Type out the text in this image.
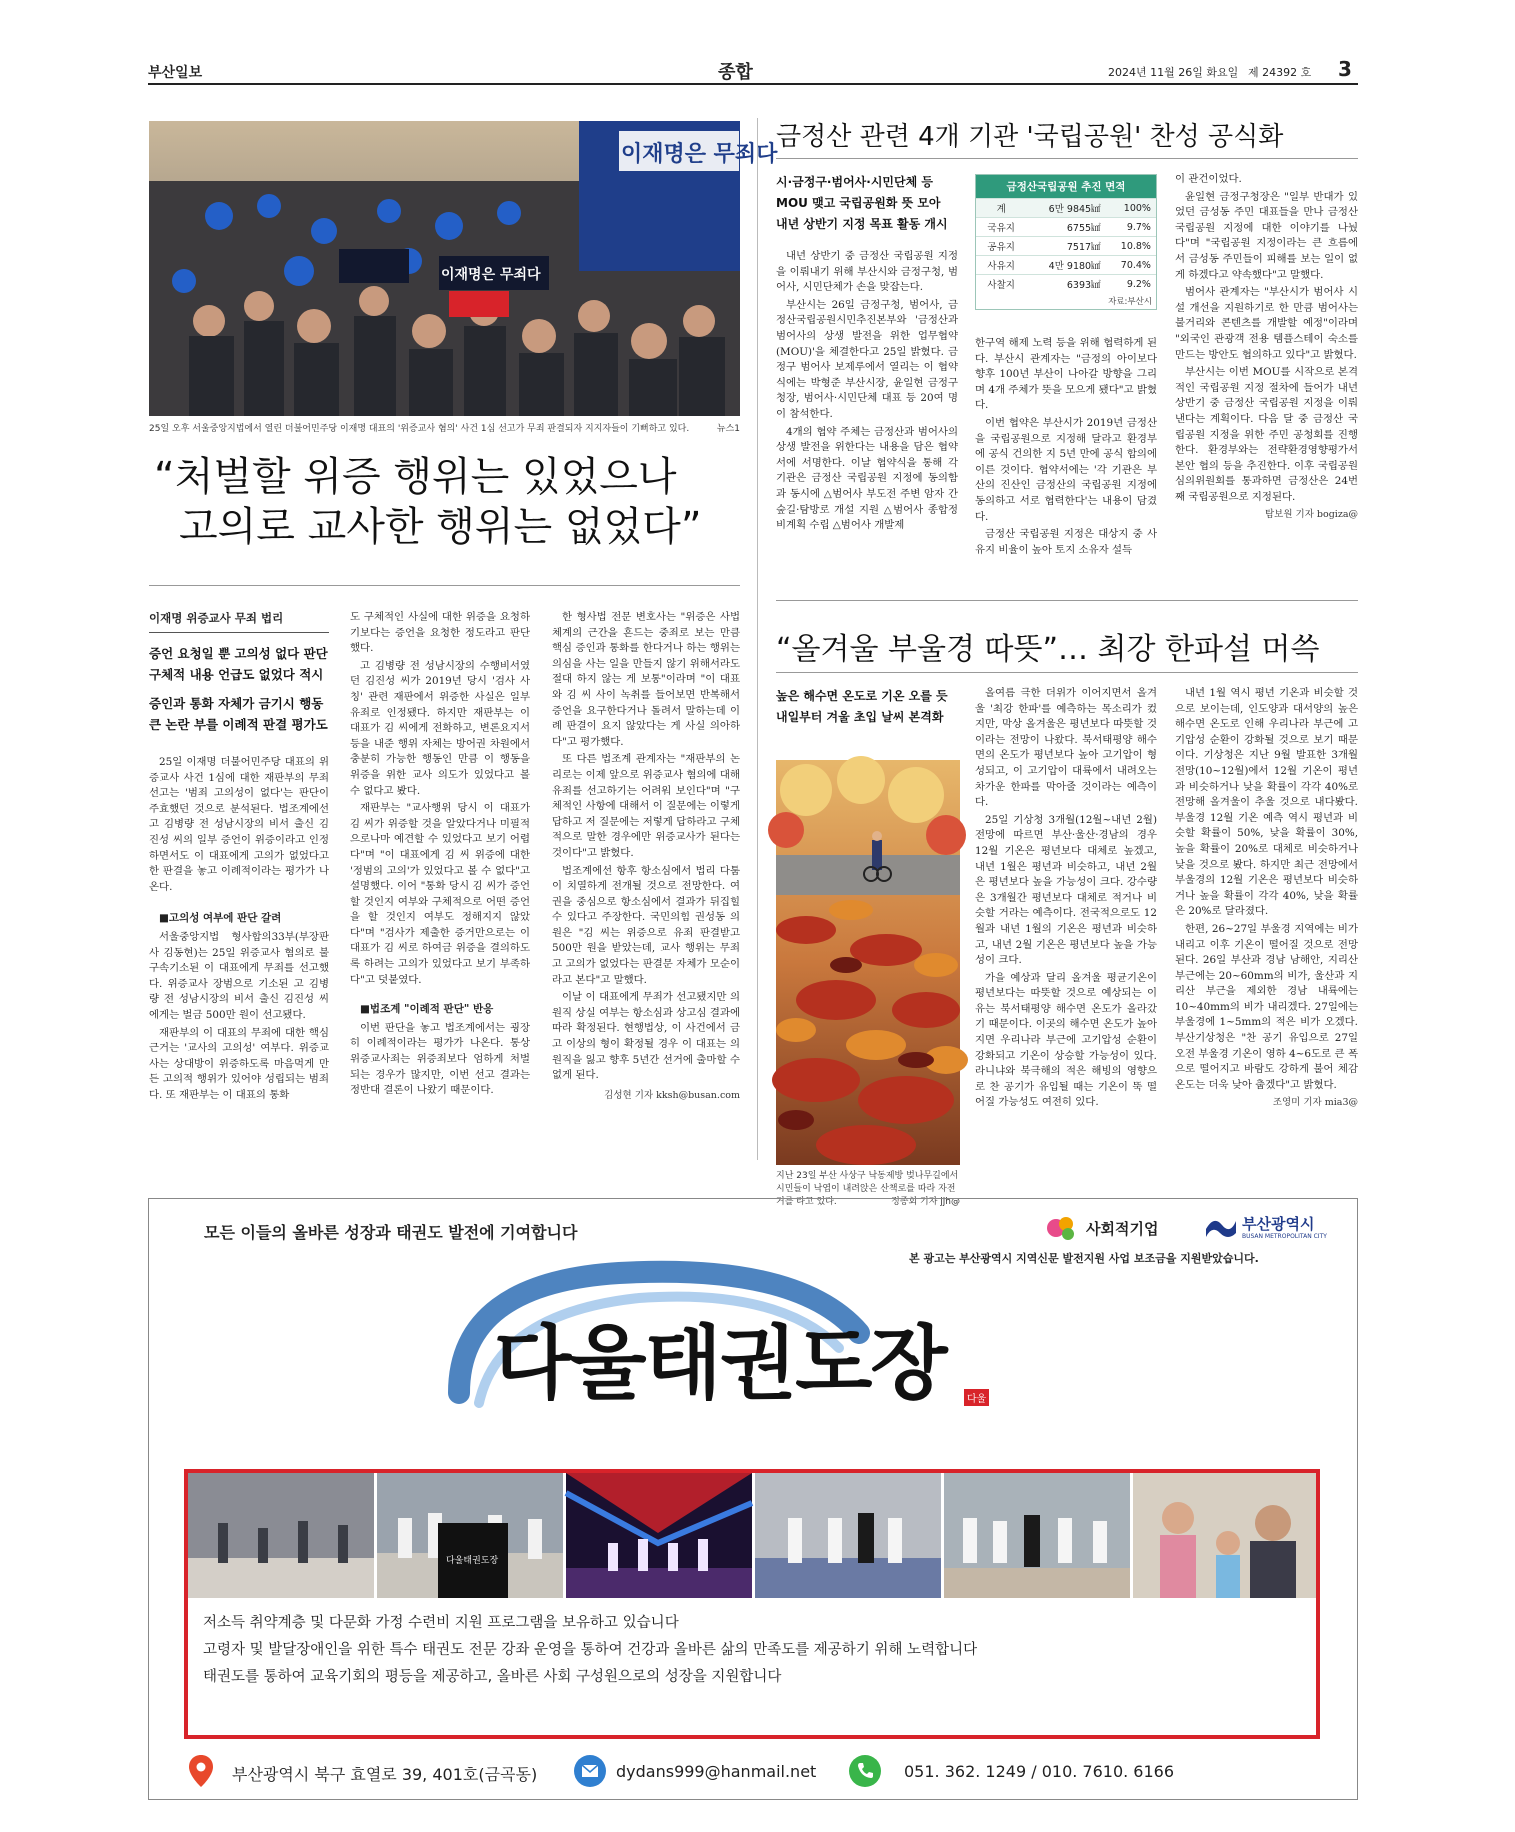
부산일보	종합	2024년 11월 26일 화요일 제 24392 호 3
이재명은 무죄다
이재명은 무죄다
25일 오후 서울중앙지법에서 열린 더불어민주당 이재명 대표의 '위증교사 혐의' 사건 1심 선고가 무죄 판결되자 지지자들이 기뻐하고 있다.	뉴스1
“처벌할 위증 행위는 있었으나
고의로 교사한 행위는 없었다”
이재명 위증교사 무죄 법리
증언 요청일 뿐 고의성 없다 판단
구체적 내용 언급도 없었다 적시
증인과 통화 자체가 금기시 행동
큰 논란 부를 이례적 판결 평가도

25일 이재명 더불어민주당 대표의 위증교사 사건 1심에 대한 재판부의 무죄 선고는 '범죄 고의성이 없다'는 판단이 주효했던 것으로 분석된다. 법조계에선 고 김병량 전 성남시장의 비서 출신 김진성 씨의 일부 증언이 위증이라고 인정하면서도 이 대표에게 고의가 없었다고 한 판결을 놓고 이례적이라는 평가가 나온다.

■고의성 여부에 판단 갈려

서울중앙지법 형사합의33부(부장판사 김동현)는 25일 위증교사 혐의로 불구속기소된 이 대표에게 무죄를 선고했다. 위증교사 장범으로 기소된 고 김병량 전 성남시장의 비서 출신 김진성 씨에게는 벌금 500만 원이 선고됐다.

재판부의 이 대표의 무죄에 대한 핵심 근거는 '교사의 고의성' 여부다. 위증교사는 상대방이 위증하도록 마음먹게 만든 고의적 행위가 있어야 성립되는 범죄다. 또 재판부는 이 대표의 통화

도 구체적인 사실에 대한 위증을 요청하기보다는 증언을 요청한 정도라고 판단했다.

고 김병량 전 성남시장의 수행비서였던 김진성 씨가 2019년 당시 '검사 사칭' 관련 재판에서 위증한 사실은 일부 유죄로 인정됐다. 하지만 재판부는 이 대표가 김 씨에게 전화하고, 변론요지서 등을 내준 행위 자체는 방어권 차원에서 충분히 가능한 행동인 만큼 이 행동을 위증을 위한 교사 의도가 있었다고 볼 수 없다고 봤다.

재판부는 "교사행위 당시 이 대표가 김 씨가 위증할 것을 알았다거나 미필적으로나마 예견할 수 있었다고 보기 어렵다"며 "이 대표에게 김 씨 위증에 대한 '정범의 고의'가 있었다고 볼 수 없다"고 설명했다. 이어 "통화 당시 김 씨가 증언할 것인지 여부와 구체적으로 어떤 증언을 할 것인지 여부도 정해지지 않았다"며 "검사가 제출한 증거만으로는 이 대표가 김 씨로 하여금 위증을 결의하도록 하려는 고의가 있었다고 보기 부족하다"고 덧붙였다.

■법조계 "이례적 판단" 반응

이번 판단을 놓고 법조계에서는 굉장히 이례적이라는 평가가 나온다. 통상 위증교사죄는 위증죄보다 엄하게 처벌되는 경우가 많지만, 이번 선고 결과는 정반대 결론이 나왔기 때문이다.

한 형사법 전문 변호사는 "위증은 사법체계의 근간을 흔드는 중죄로 보는 만큼 핵심 증인과 통화를 한다거나 하는 행위는 의심을 사는 일을 만들지 않기 위해서라도 절대 하지 않는 게 보통"이라며 "이 대표와 김 씨 사이 녹취를 들어보면 반복해서 증언을 요구한다거나 돌려서 말하는데 이례 판결이 요지 않았다는 게 사실 의아하다"고 평가했다.

또 다른 법조계 관계자는 "재판부의 논리로는 이제 앞으로 위증교사 혐의에 대해 유죄를 선고하기는 어려워 보인다"며 "구체적인 사항에 대해서 이 질문에는 이렇게 답하고 저 질문에는 저렇게 답하라고 구체적으로 말한 경우에만 위증교사가 된다는 것이다"고 밝혔다.

법조계에선 항후 항소심에서 법리 다툼이 치열하게 전개될 것으로 전망한다. 여권을 중심으로 항소심에서 결과가 뒤집힐 수 있다고 주장한다. 국민의힘 권성동 의원은 "김 씨는 위증으로 유죄 판결받고 500만 원을 받았는데, 교사 행위는 무죄고 고의가 없었다는 판결문 자체가 모순이라고 본다"고 말했다.

이날 이 대표에게 무죄가 선고됐지만 의원직 상실 여부는 항소심과 상고심 결과에 따라 확정된다. 현행법상, 이 사건에서 금고 이상의 형이 확정될 경우 이 대표는 의원직을 잃고 향후 5년간 선거에 출마할 수 없게 된다.

김성현 기자 kksh@busan.com
금정산 관련 4개 기관 '국립공원' 찬성 공식화
시·금정구·범어사·시민단체 등
MOU 맺고 국립공원화 뜻 모아
내년 상반기 지정 목표 활동 개시

내년 상반기 중 금정산 국립공원 지정을 이뤄내기 위해 부산시와 금정구청, 범어사, 시민단체가 손을 맞잡는다.

부산시는 26일 금정구청, 범어사, 금정산국립공원시민추진본부와 '금정산과 범어사의 상생 발전을 위한 업무협약(MOU)'을 체결한다고 25일 밝혔다. 금정구 범어사 보제루에서 열리는 이 협약식에는 박형준 부산시장, 윤일현 금정구청장, 범어사·시민단체 대표 등 20여 명이 참석한다.

4개의 협약 주체는 금정산과 범어사의 상생 발전을 위한다는 내용을 담은 협약서에 서명한다. 이날 협약식을 통해 각 기관은 금정산 국립공원 지정에 동의함과 동시에 △범어사 부도전 주변 암자 간 숲길·탐방로 개설 지원 △범어사 종합정비계획 수립 △범어사 개발제

금정산국립공원 추진 면적
계	6만 9845㎢	100%
국유지	6755㎢	9.7%
공유지	7517㎢	10.8%
사유지	4만 9180㎢	70.4%
사찰지	6393㎢	9.2%
자료:부산시

한구역 해제 노력 등을 위해 협력하게 된다. 부산시 관계자는 "금정의 아이보다 향후 100년 부산이 나아갈 방향을 그리며 4개 주체가 뜻을 모으게 됐다"고 밝혔다.

이번 협약은 부산시가 2019년 금정산을 국립공원으로 지정해 달라고 환경부에 공식 건의한 지 5년 만에 공식 합의에 이른 것이다. 협약서에는 '각 기관은 부산의 진산인 금정산의 국립공원 지정에 동의하고 서로 협력한다'는 내용이 담겼다.

금정산 국립공원 지정은 대상지 중 사유지 비율이 높아 토지 소유자 설득

이 관건이었다.

윤일현 금정구청장은 "일부 반대가 있었던 금성동 주민 대표들을 만나 금정산 국립공원 지정에 대한 이야기를 나눴다"며 "국립공원 지정이라는 큰 흐름에서 금성동 주민들이 피해를 보는 일이 없게 하겠다고 약속했다"고 말했다.

범어사 관계자는 "부산시가 범어사 시설 개선을 지원하기로 한 만큼 범어사는 불거리와 콘텐츠를 개발할 예정"이라며 "외국인 관광객 전용 템플스테이 숙소를 만드는 방안도 협의하고 있다"고 밝혔다.

부산시는 이번 MOU를 시작으로 본격적인 국립공원 지정 절차에 들어가 내년 상반기 중 금정산 국립공원 지정을 이뤄낸다는 계획이다. 다음 달 중 금정산 국립공원 지정을 위한 주민 공청회를 진행한다. 환경부와는 전략환경영향평가서 본안 협의 등을 추진한다. 이후 국립공원심의위원회를 통과하면 금정산은 24번째 국립공원으로 지정된다.

탐보원 기자 bogiza@
“올겨울 부울경 따뜻”… 최강 한파설 머쓱
높은 해수면 온도로 기온 오를 듯
내일부터 겨울 초입 날씨 본격화
지난 23일 부산 사상구 낙동제방 벚나무길에서 시민들이 낙엽이 내려앉은 산책로를 따라 자전거를 타고 있다.	정종회 기자 jjh@

올여름 극한 더위가 이어지면서 올겨울 '최강 한파'를 예측하는 목소리가 컸지만, 막상 올겨울은 평년보다 따뜻할 것이라는 전망이 나왔다. 북서태평양 해수면의 온도가 평년보다 높아 고기압이 형성되고, 이 고기압이 대륙에서 내려오는 차가운 한파를 막아줄 것이라는 예측이다.

25일 기상청 3개월(12월~내년 2월) 전망에 따르면 부산·울산·경남의 경우 12월 기온은 평년보다 대체로 높겠고, 내년 1월은 평년과 비슷하고, 내년 2월은 평년보다 높을 가능성이 크다. 강수량은 3개월간 평년보다 대체로 적거나 비슷할 거라는 예측이다. 전국적으로도 12월과 내년 1월의 기온은 평년과 비슷하고, 내년 2월 기온은 평년보다 높을 가능성이 크다.

가을 예상과 달리 올겨울 평균기온이 평년보다는 따뜻할 것으로 예상되는 이유는 북서태평양 해수면 온도가 올라갔기 때문이다. 이곳의 해수면 온도가 높아지면 우리나라 부근에 고기압성 순환이 강화되고 기온이 상승할 가능성이 있다. 라니냐와 북극해의 적은 해빙의 영향으로 찬 공기가 유입될 때는 기온이 뚝 떨어질 가능성도 여전히 있다.

내년 1월 역시 평년 기온과 비슷할 것으로 보이는데, 인도양과 대서양의 높은 해수면 온도로 인해 우리나라 부근에 고기압성 순환이 강화될 것으로 보기 때문이다. 기상청은 지난 9월 발표한 3개월 전망(10~12월)에서 12월 기온이 평년과 비슷하거나 낮을 확률이 각각 40%로 전망해 올겨울이 추울 것으로 내다봤다. 부울경 12월 기온 예측 역시 평년과 비슷할 확률이 50%, 낮을 확률이 30%, 높을 확률이 20%로 대체로 비슷하거나 낮을 것으로 봤다. 하지만 최근 전망에서 부울경의 12월 기온은 평년보다 비슷하거나 높을 확률이 각각 40%, 낮을 확률은 20%로 달라졌다.

한편, 26~27일 부울경 지역에는 비가 내리고 이후 기온이 떨어질 것으로 전망된다. 26일 부산과 경남 남해안, 지리산 부근에는 20~60mm의 비가, 울산과 지리산 부근을 제외한 경남 내륙에는 10~40mm의 비가 내리겠다. 27일에는 부울경에 1~5mm의 적은 비가 오겠다. 부산기상청은 "찬 공기 유입으로 27일 오전 부울경 기온이 영하 4~6도로 큰 폭으로 떨어지고 바람도 강하게 불어 체감온도는 더욱 낮아 춥겠다"고 밝혔다.

조영미 기자 mia3@
모든 이들의 올바른 성장과 태권도 발전에 기여합니다	사회적기업	부산광역시
BUSAN METROPOLITAN CITY
본 광고는 부산광역시 지역신문 발전지원 사업 보조금을 지원받았습니다.
다울태권도장	다울
다울태권도장
저소득 취약계층 및 다문화 가정 수련비 지원 프로그램을 보유하고 있습니다
고령자 및 발달장애인을 위한 특수 태권도 전문 강좌 운영을 통하여 건강과 올바른 삶의 만족도를 제공하기 위해 노력합니다
태권도를 통하여 교육기회의 평등을 제공하고, 올바른 사회 구성원으로의 성장을 지원합니다
부산광역시 북구 효열로 39, 401호(금곡동)	dydans999@hanmail.net	051. 362. 1249 / 010. 7610. 6166
